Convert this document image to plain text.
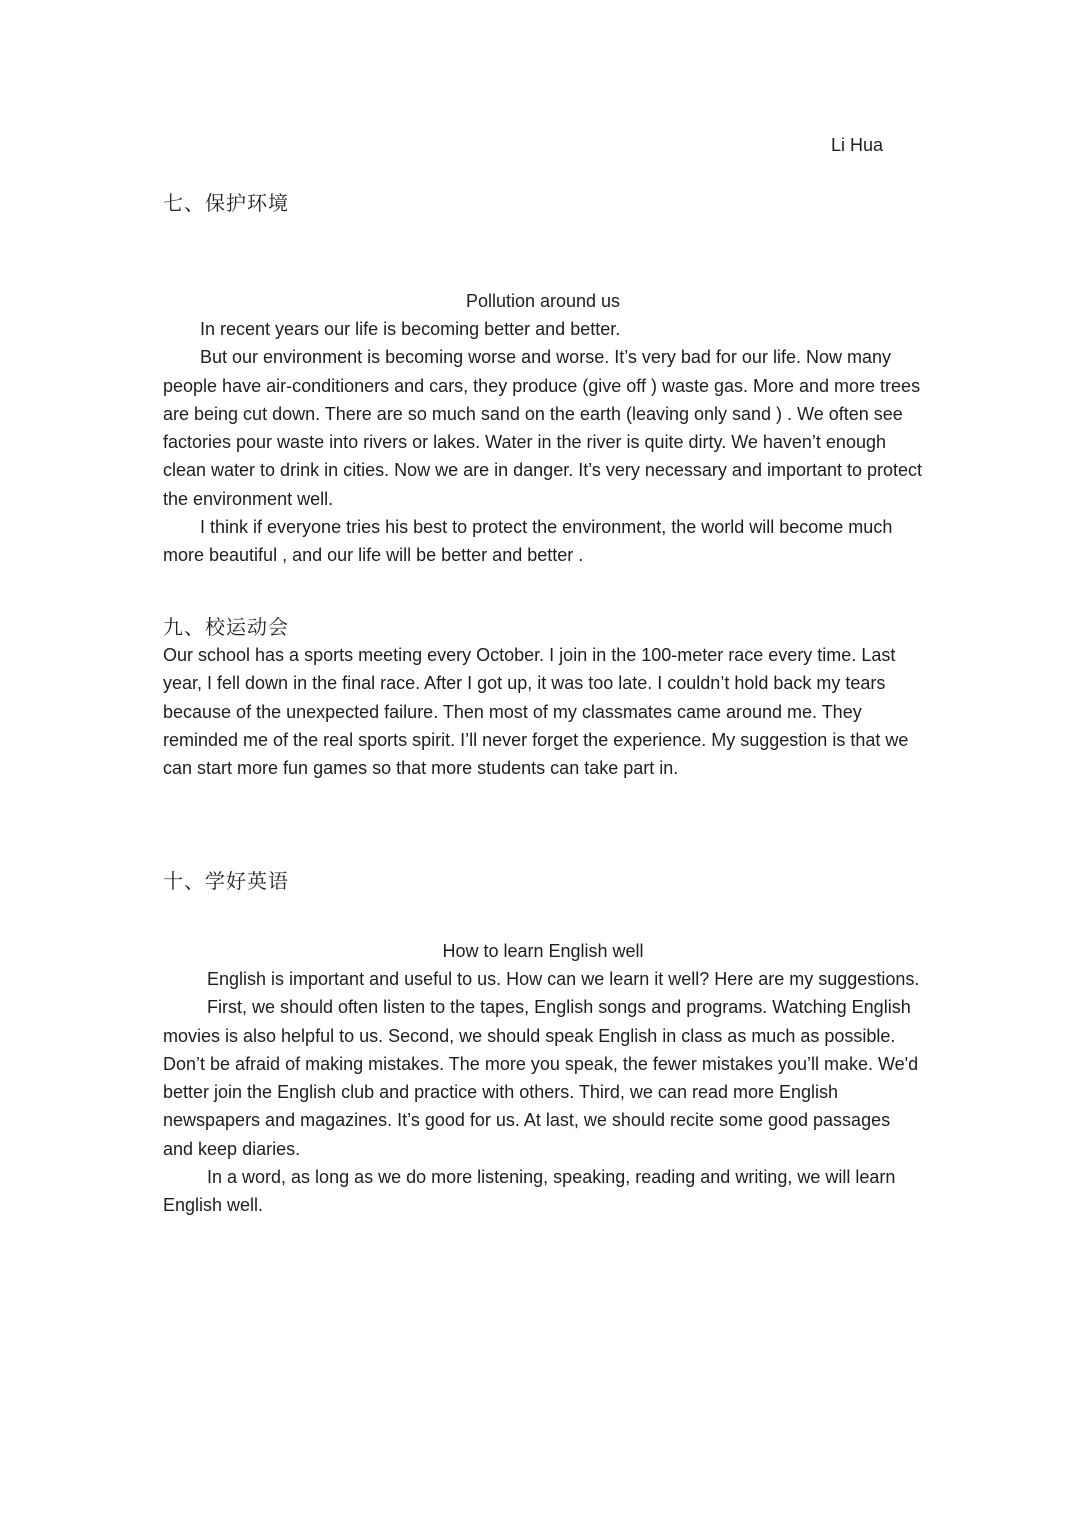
Li Hua

七、保护环境

Pollution around us

In recent years our life is becoming better and better.

But our environment is becoming worse and worse. It’s very bad for our life. Now many people have air-conditioners and cars, they produce (give off ) waste gas. More and more trees are being cut down. There are so much sand on the earth (leaving only sand ) . We often see factories pour waste into rivers or lakes. Water in the river is quite dirty. We haven’t enough clean water to drink in cities. Now we are in danger. It’s very necessary and important to protect the environment well.

I think if everyone tries his best to protect the environment, the world will become much more beautiful , and our life will be better and better .

九、校运动会

Our school has a sports meeting every October. I join in the 100-meter race every time. Last year, I fell down in the final race. After I got up, it was too late. I couldn’t hold back my tears because of the unexpected failure. Then most of my classmates came around me. They reminded me of the real sports spirit. I’ll never forget the experience. My suggestion is that we can start more fun games so that more students can take part in.

十、学好英语

How to learn English well

English is important and useful to us. How can we learn it well? Here are my suggestions.

First, we should often listen to the tapes, English songs and programs. Watching English movies is also helpful to us. Second, we should speak English in class as much as possible. Don’t be afraid of making mistakes. The more you speak, the fewer mistakes you’ll make. We'd better join the English club and practice with others. Third, we can read more English newspapers and magazines. It’s good for us. At last, we should recite some good passages and keep diaries.

In a word, as long as we do more listening, speaking, reading and writing, we will learn English well.
